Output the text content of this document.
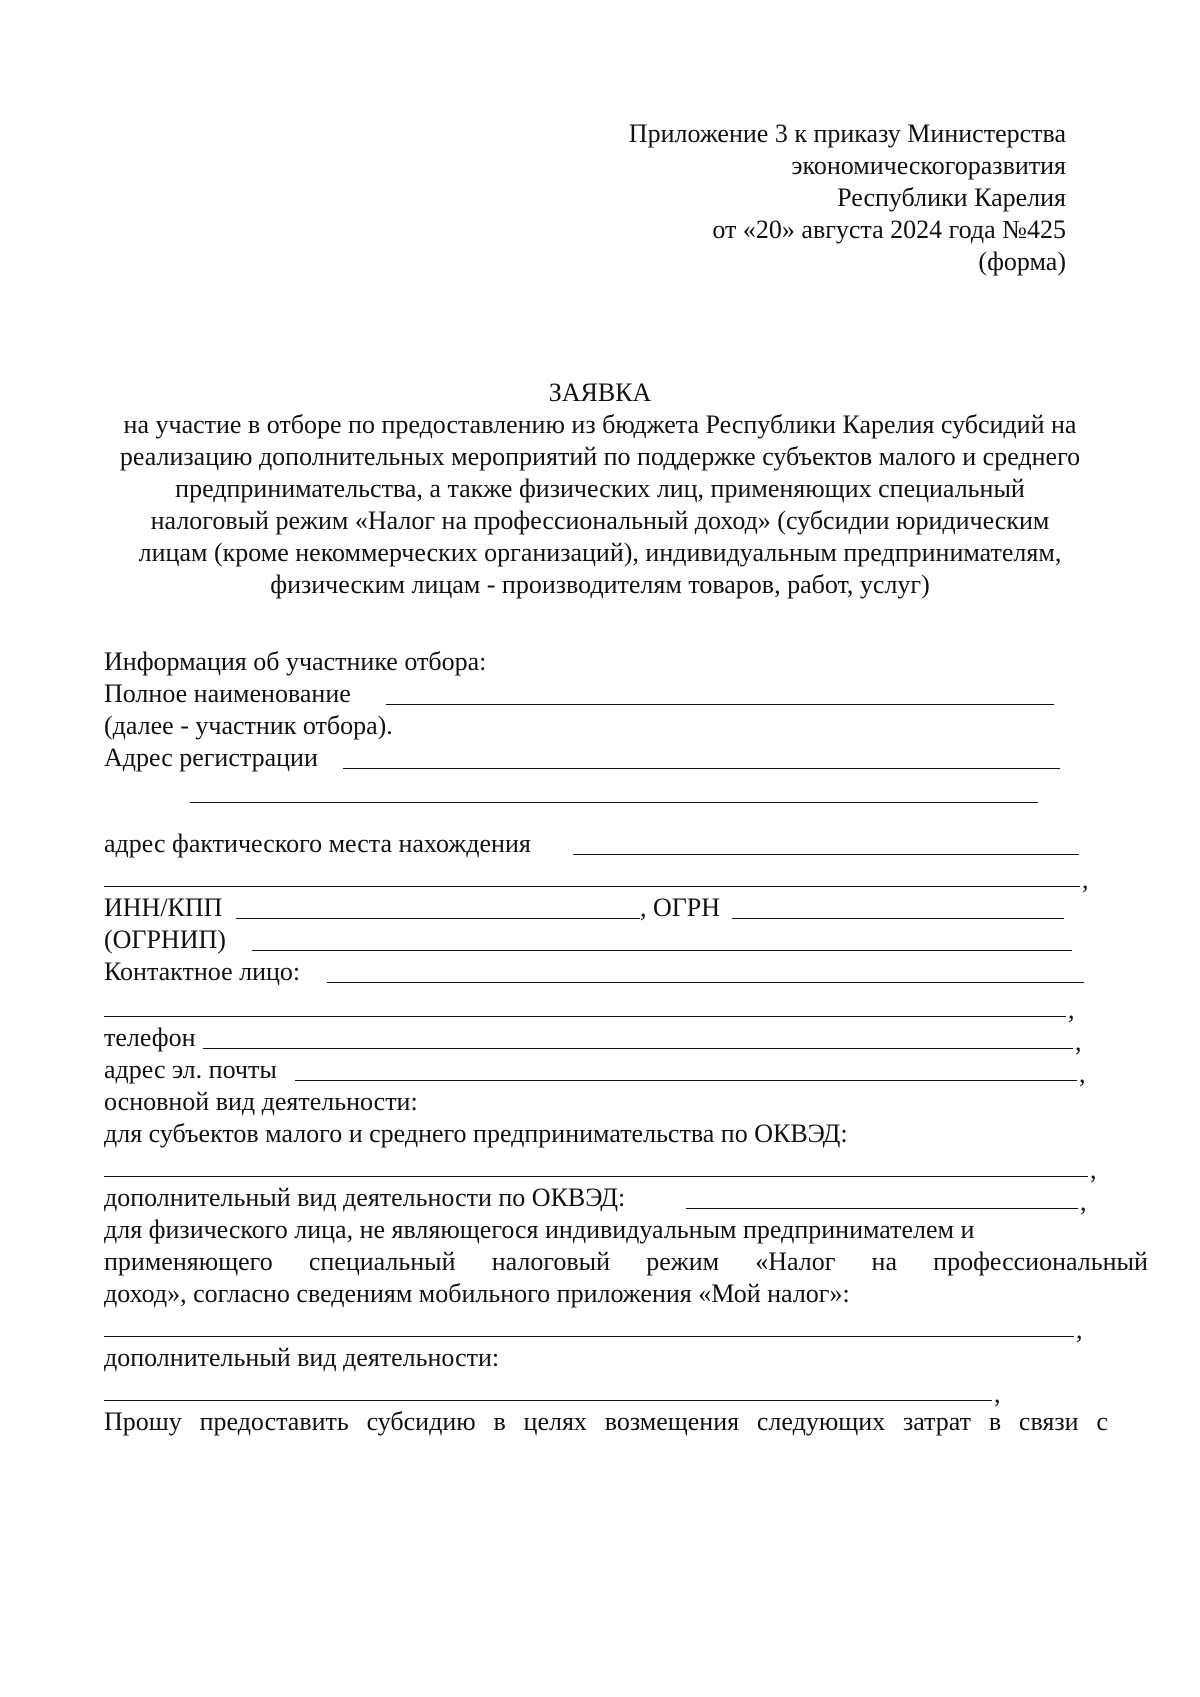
Приложение 3 к приказу Министерства
экономическогоразвития
Республики Карелия
от «20» августа 2024 года №425
(форма)
ЗАЯВКА
на участие в отборе по предоставлению из бюджета Республики Карелия субсидий на
реализацию дополнительных мероприятий по поддержке субъектов малого и среднего
предпринимательства, а также физических лиц, применяющих специальный
налоговый режим «Налог на профессиональный доход» (субсидии юридическим
лицам (кроме некоммерческих организаций), индивидуальным предпринимателям,
физическим лицам - производителям товаров, работ, услуг)
Информация об участнике отбора:
Полное наименование
(далее - участник отбора).
Адрес регистрации
адрес фактического места нахождения
,
ИНН/КПП	, ОГРН
(ОГРНИП)
Контактное лицо:
,
телефон	,
адрес эл. почты	,
основной вид деятельности:
для субъектов малого и среднего предпринимательства по ОКВЭД:
,
дополнительный вид деятельности по ОКВЭД:	,
для физического лица, не являющегося индивидуальным предпринимателем и
применяющего специальный налоговый режим «Налог на профессиональный
доход», согласно сведениям мобильного приложения «Мой налог»:
,
дополнительный вид деятельности:
,
Прошу предоставить субсидию в целях возмещения следующих затрат в связи с
